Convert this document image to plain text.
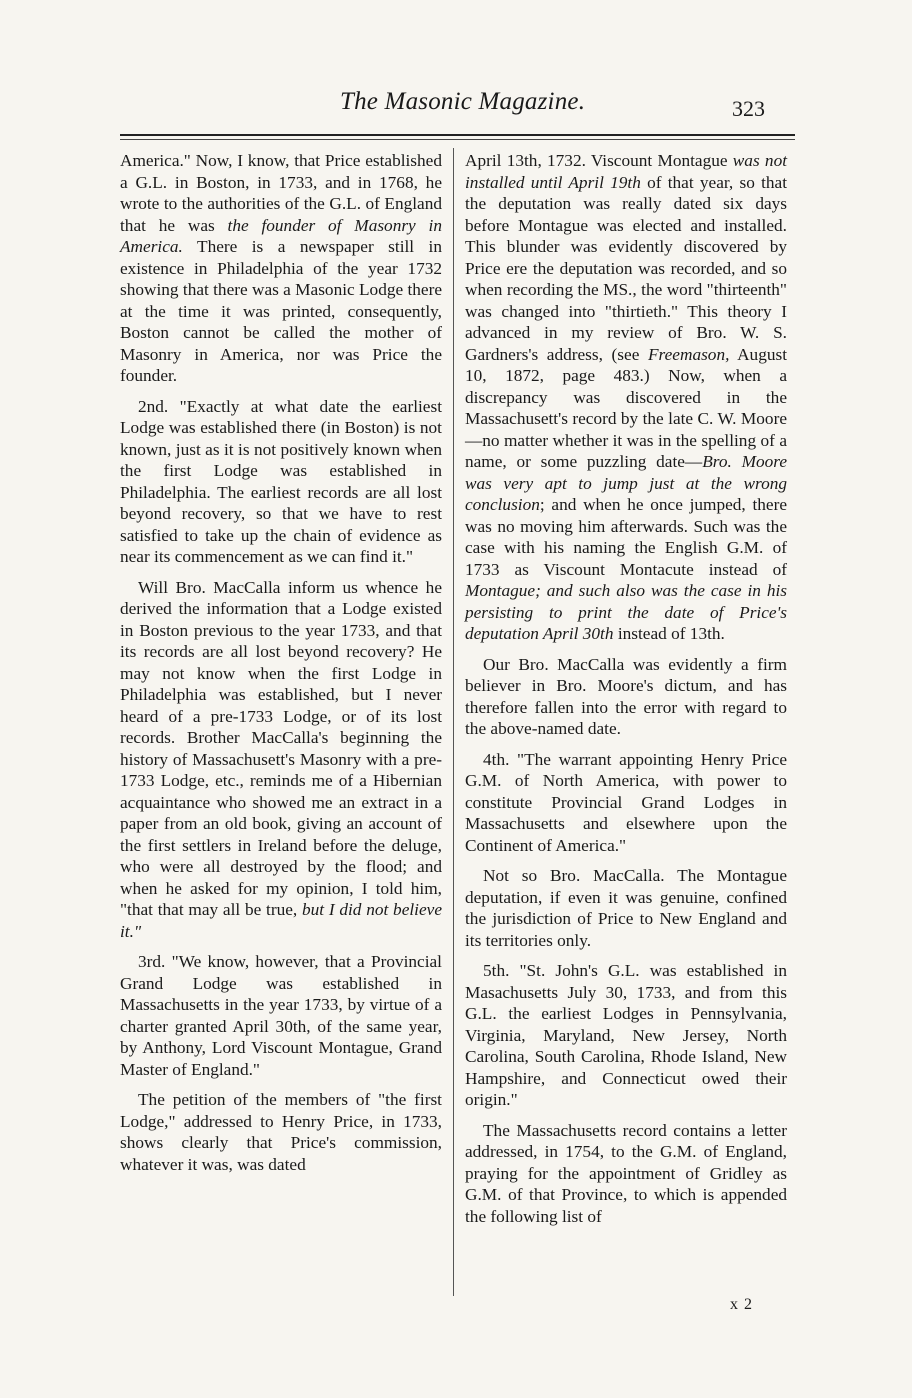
The Masonic Magazine.	323

America." Now, I know, that Price established a G.L. in Boston, in 1733, and in 1768, he wrote to the authorities of the G.L. of England that he was the founder of Masonry in America. There is a newspaper still in existence in Philadelphia of the year 1732 showing that there was a Masonic Lodge there at the time it was printed, consequently, Boston cannot be called the mother of Masonry in America, nor was Price the founder.

2nd. "Exactly at what date the earliest Lodge was established there (in Boston) is not known, just as it is not positively known when the first Lodge was established in Philadelphia. The earliest records are all lost beyond recovery, so that we have to rest satisfied to take up the chain of evidence as near its commencement as we can find it."

Will Bro. MacCalla inform us whence he derived the information that a Lodge existed in Boston previous to the year 1733, and that its records are all lost beyond recovery? He may not know when the first Lodge in Philadelphia was established, but I never heard of a pre-1733 Lodge, or of its lost records. Brother MacCalla's beginning the history of Massachusett's Masonry with a pre-1733 Lodge, etc., reminds me of a Hibernian acquaintance who showed me an extract in a paper from an old book, giving an account of the first settlers in Ireland before the deluge, who were all destroyed by the flood; and when he asked for my opinion, I told him, "that that may all be true, but I did not believe it."

3rd. "We know, however, that a Provincial Grand Lodge was established in Massachusetts in the year 1733, by virtue of a charter granted April 30th, of the same year, by Anthony, Lord Viscount Montague, Grand Master of England."

The petition of the members of "the first Lodge," addressed to Henry Price, in 1733, shows clearly that Price's commission, whatever it was, was dated

April 13th, 1732. Viscount Montague was not installed until April 19th of that year, so that the deputation was really dated six days before Montague was elected and installed. This blunder was evidently discovered by Price ere the deputation was recorded, and so when recording the MS., the word "thirteenth" was changed into "thirtieth." This theory I advanced in my review of Bro. W. S. Gardners's address, (see Freemason, August 10, 1872, page 483.) Now, when a discrepancy was discovered in the Massachusett's record by the late C. W. Moore—no matter whether it was in the spelling of a name, or some puzzling date—Bro. Moore was very apt to jump just at the wrong conclusion; and when he once jumped, there was no moving him afterwards. Such was the case with his naming the English G.M. of 1733 as Viscount Montacute instead of Montague; and such also was the case in his persisting to print the date of Price's deputation April 30th instead of 13th.

Our Bro. MacCalla was evidently a firm believer in Bro. Moore's dictum, and has therefore fallen into the error with regard to the above-named date.

4th. "The warrant appointing Henry Price G.M. of North America, with power to constitute Provincial Grand Lodges in Massachusetts and elsewhere upon the Continent of America."

Not so Bro. MacCalla. The Montague deputation, if even it was genuine, confined the jurisdiction of Price to New England and its territories only.

5th. "St. John's G.L. was established in Masachusetts July 30, 1733, and from this G.L. the earliest Lodges in Pennsylvania, Virginia, Maryland, New Jersey, North Carolina, South Carolina, Rhode Island, New Hampshire, and Connecticut owed their origin."

The Massachusetts record contains a letter addressed, in 1754, to the G.M. of England, praying for the appointment of Gridley as G.M. of that Province, to which is appended the following list of

x 2
